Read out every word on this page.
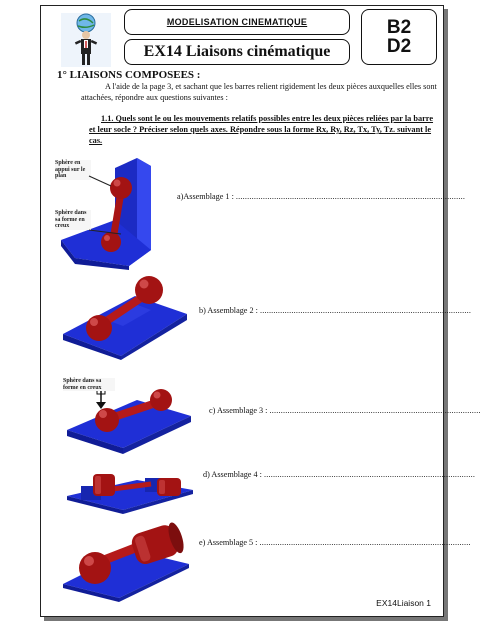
MODELISATION CINEMATIQUE
EX14 Liaisons cinématique
B2
D2
1° LIAISONS COMPOSEES :

A l'aide de la page 3, et sachant que les barres relient rigidement les deux pièces auxquelles elles sont attachées, répondre aux questions suivantes :

1.1. Quels sont le ou les mouvements relatifs possibles entre les deux pièces reliées par la barre et leur socle ? Préciser selon quels axes. Répondre sous la forme Rx, Ry, Rz, Tx, Ty, Tz. suivant le cas.

Sphère en appui sur le plan
Sphère dans sa forme en creux
a)Assemblage 1 : ......................................................................................................
b) Assemblage 2 : ..............................................................................................
Sphère dans sa forme en creux
c) Assemblage 3 : ..............................................................................................
d) Assemblage 4 : ..............................................................................................
e) Assemblage 5 : ..............................................................................................
EX14Liaison 1
